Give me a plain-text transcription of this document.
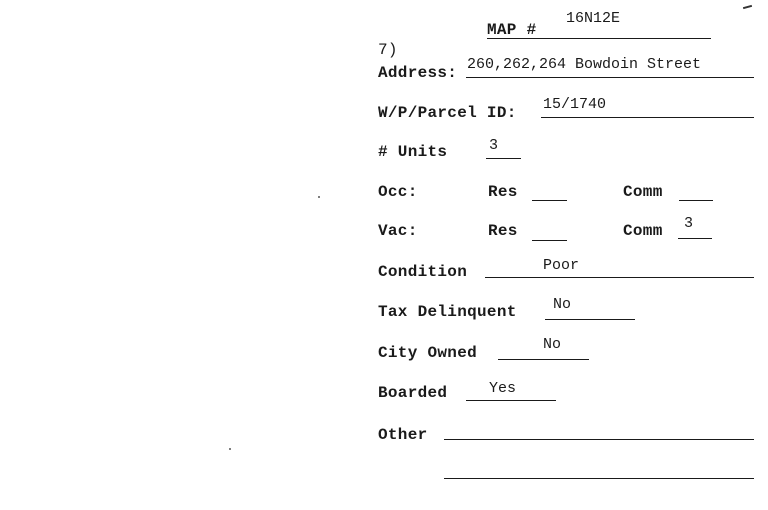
MAP #
16N12E
7)
Address: 260,262,264 Bowdoin Street
W/P/Parcel ID: 15/1740
# Units	3
Occ:	Res	Comm
Vac:	Res	Comm 3
Condition	Poor
Tax Delinquent No
City Owned	No
Boarded	Yes
Other
